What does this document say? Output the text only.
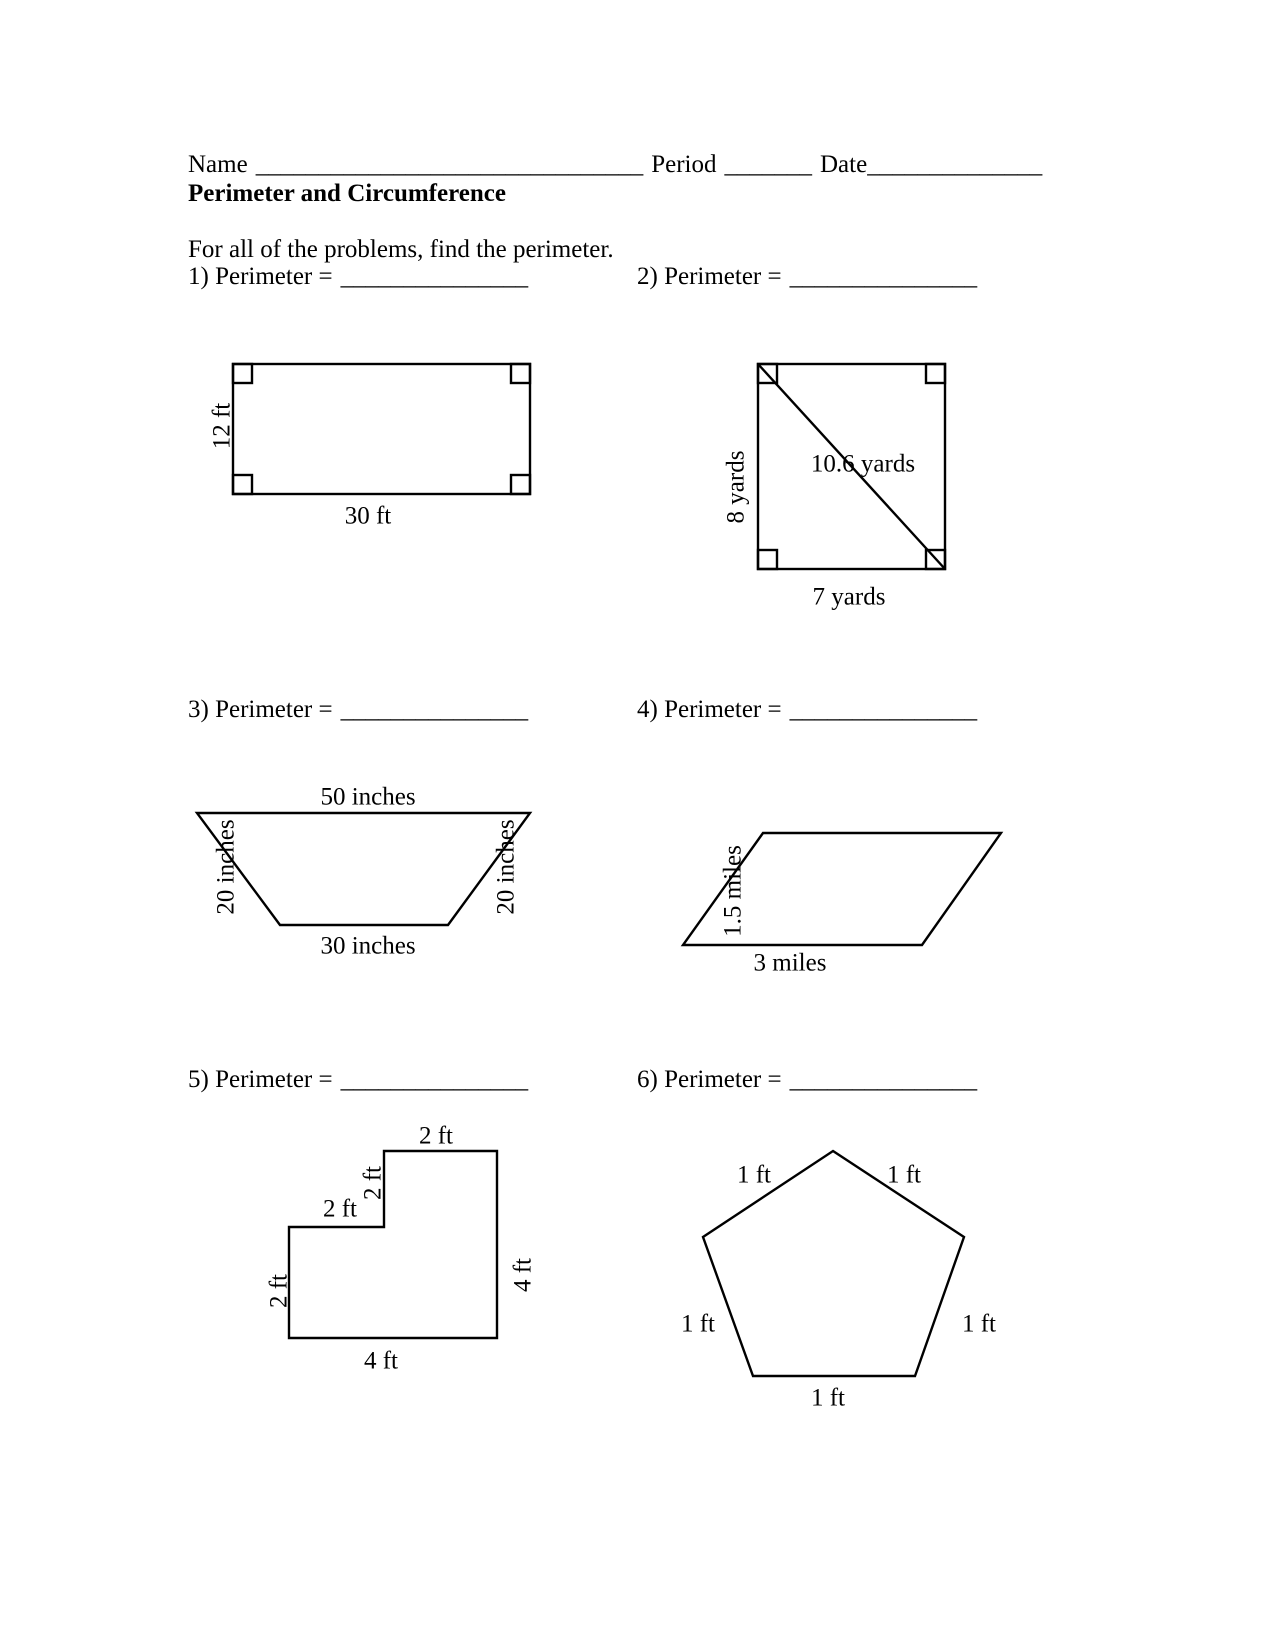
Name _______________________________ Period _______ Date______________
Perimeter and Circumference
For all of the problems, find the perimeter.
1) Perimeter = _______________	2) Perimeter = _______________
3) Perimeter = _______________	4) Perimeter = _______________
5) Perimeter = _______________	6) Perimeter = _______________
12 ft
30 ft
10.6 yards
8 yards
7 yards
50 inches
20 inches	20 inches
30 inches
1.5 miles
3 miles
2 ft
2 ft
2 ft
2 ft	4 ft
4 ft
1 ft	1 ft
1 ft	1 ft
1 ft
